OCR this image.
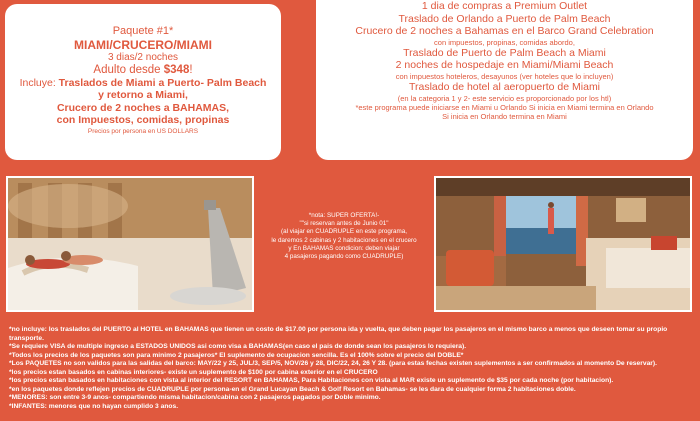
Paquete #1*
MIAMI/CRUCERO/MIAMI
3 dias/2 noches
Adulto desde $348!
Incluye: Traslados de Miami a Puerto- Palm Beach
y retorno a Miami,
Crucero de 2 noches a BAHAMAS,
con Impuestos, comidas, propinas
Precios por persona en US DOLLARS
1 dia de compras a Premium Outlet
Traslado de Orlando a Puerto de Palm Beach
Crucero de 2 noches a Bahamas en el Barco Grand Celebration
con impuestos, propinas, comidas abordo,
Traslado de Puerto de Palm Beach a Miami
2 noches de hospedaje en Miami/Miami Beach
con impuestos hoteleros, desayunos (ver hoteles que lo incluyen)
Traslado de hotel al aeropuerto de Miami
(en la categoria 1 y 2- este servicio es proporcionado por los htl)
*este programa puede iniciarse en Miami u Orlando Si inicia en Miami termina en Orlando
Si inicia en Orlando termina en Miami
*nota: SUPER OFERTA!-
""si reservan antes de Junio 01"
(al viajar en CUADRUPLE en este programa,
le daremos 2 cabinas y 2 habitaciones en el crucero
y En BAHAMAS condicion: deben viajar
4 pasajeros pagando como CUADRUPLE)
*no incluye: los traslados del PUERTO al HOTEL en BAHAMAS que tienen un costo de $17.00 por persona ida y vuelta, que deben pagar los pasajeros en el mismo barco a menos que deseen tomar su propio transporte.
*Se requiere VISA de multiple ingreso a ESTADOS UNIDOS asi como visa a BAHAMAS(en caso el pais de donde sean los pasajeros lo requiera).
*Todos los precios de los paquetes son para minimo 2 pasajeros* El suplemento de ocupacion sencilla. Es el 100% sobre el precio del DOBLE*
*Los PAQUETES no son validos para las salidas del barco: MAY/22 y 25, JUL/3, SEP/5, NOV/26 y 28, DIC/22, 24, 26 Y 28. (para estas fechas existen suplementos a ser confirmados al momento De reservar).
*los precios estan basados en cabinas interiores- existe un suplemento de $100 por cabina exterior en el CRUCERO
*los precios estan basados en habitaciones con vista al interior del RESORT en BAHAMAS, Para Habitaciones con vista al MAR existe un suplemento de $35 por cada noche (por habitacion).
*en los paquetes donde reflejen precios de CUADRUPLE por persona-en el Grand Lucayan Beach & Golf Resort en Bahamas- se les dara de cualquier forma 2 habitaciones doble.
*MENORES: son entre 3-9 anos- compartiendo misma habitacion/cabina con 2 pasajeros pagados por Doble minimo.
*INFANTES: menores que no hayan cumplido 3 anos.
